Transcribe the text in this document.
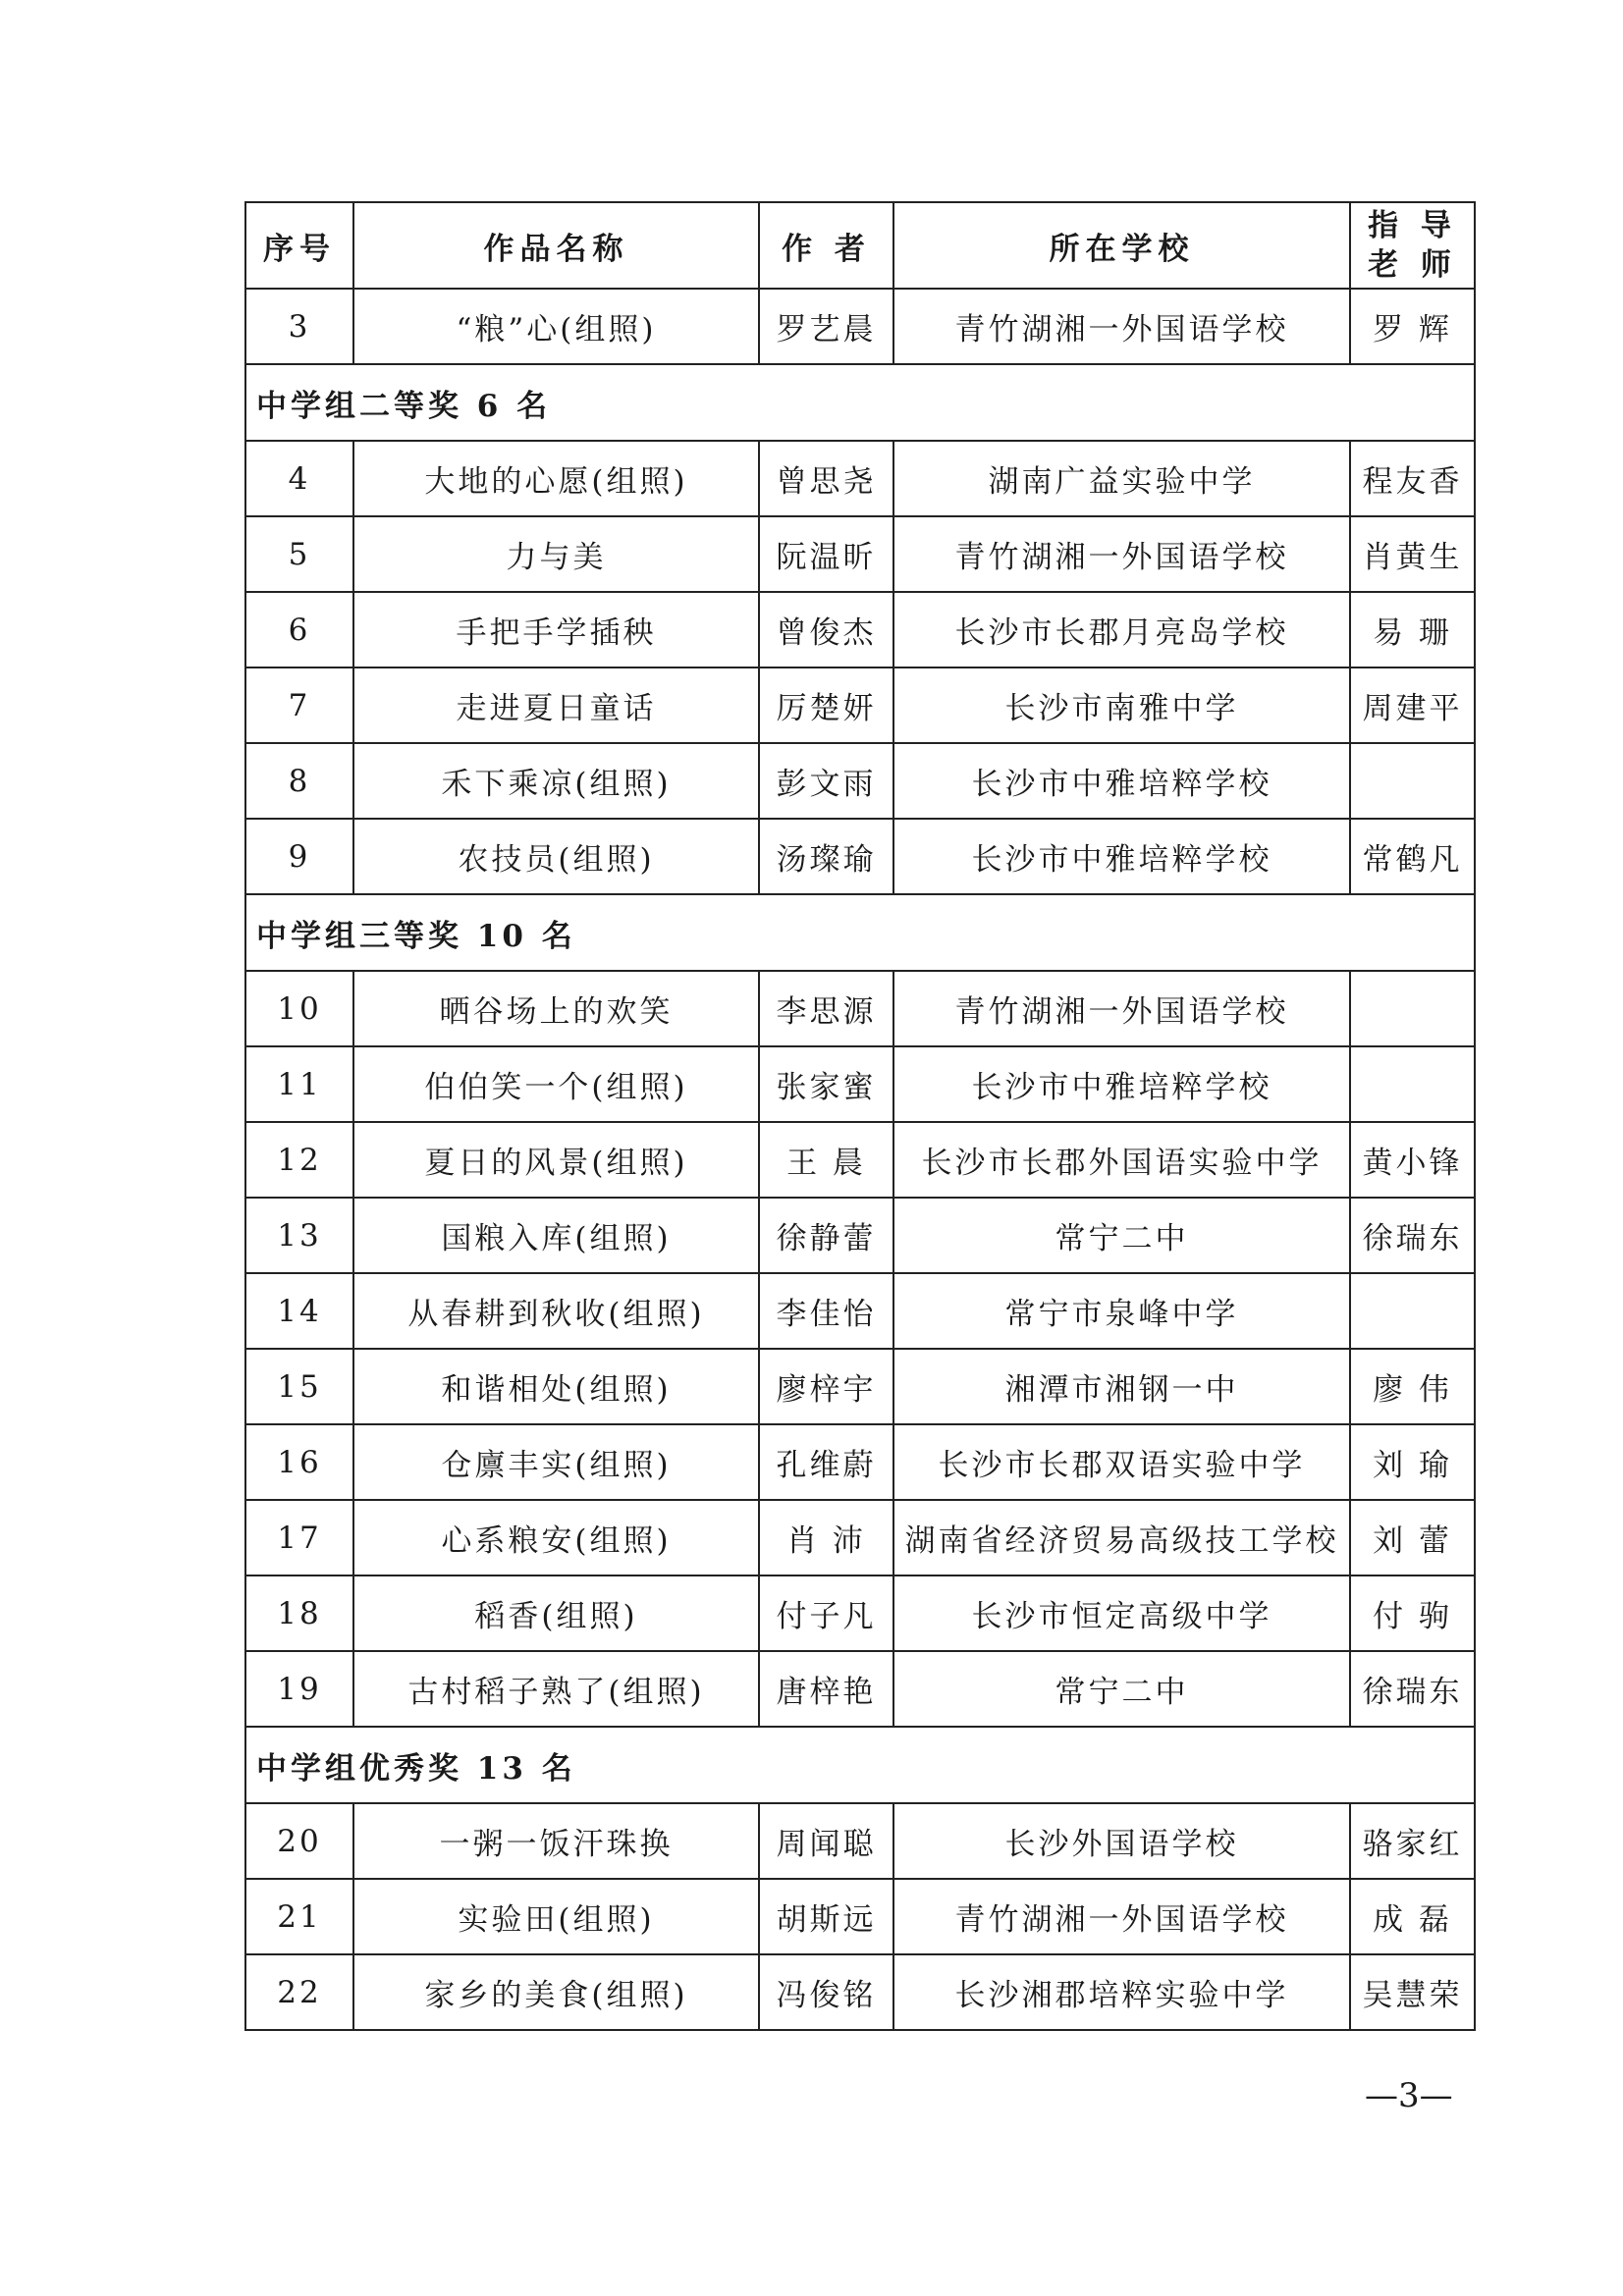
序号	作品名称	作 者	所在学校	指 导
老 师

3	“粮”心(组照)	罗艺晨	青竹湖湘一外国语学校	罗 辉
中学组二等奖 6 名				
4	大地的心愿(组照)	曾思尧	湖南广益实验中学	程友香
5	力与美	阮温昕	青竹湖湘一外国语学校	肖黄生
6	手把手学插秧	曾俊杰	长沙市长郡月亮岛学校	易 珊
7	走进夏日童话	厉楚妍	长沙市南雅中学	周建平
8	禾下乘凉(组照)	彭文雨	长沙市中雅培粹学校	
9	农技员(组照)	汤璨瑜	长沙市中雅培粹学校	常鹤凡
中学组三等奖 10 名				
10	晒谷场上的欢笑	李思源	青竹湖湘一外国语学校	
11	伯伯笑一个(组照)	张家蜜	长沙市中雅培粹学校	
12	夏日的风景(组照)	王 晨	长沙市长郡外国语实验中学	黄小锋
13	国粮入库(组照)	徐静蕾	常宁二中	徐瑞东
14	从春耕到秋收(组照)	李佳怡	常宁市泉峰中学	
15	和谐相处(组照)	廖梓宇	湘潭市湘钢一中	廖 伟
16	仓廪丰实(组照)	孔维蔚	长沙市长郡双语实验中学	刘 瑜
17	心系粮安(组照)	肖 沛	湖南省经济贸易高级技工学校	刘 蕾
18	稻香(组照)	付子凡	长沙市恒定高级中学	付 驹
19	古村稻子熟了(组照)	唐梓艳	常宁二中	徐瑞东
中学组优秀奖 13 名				
20	一粥一饭汗珠换	周闻聪	长沙外国语学校	骆家红
21	实验田(组照)	胡斯远	青竹湖湘一外国语学校	成 磊
22	家乡的美食(组照)	冯俊铭	长沙湘郡培粹实验中学	吴慧荣
—3—
